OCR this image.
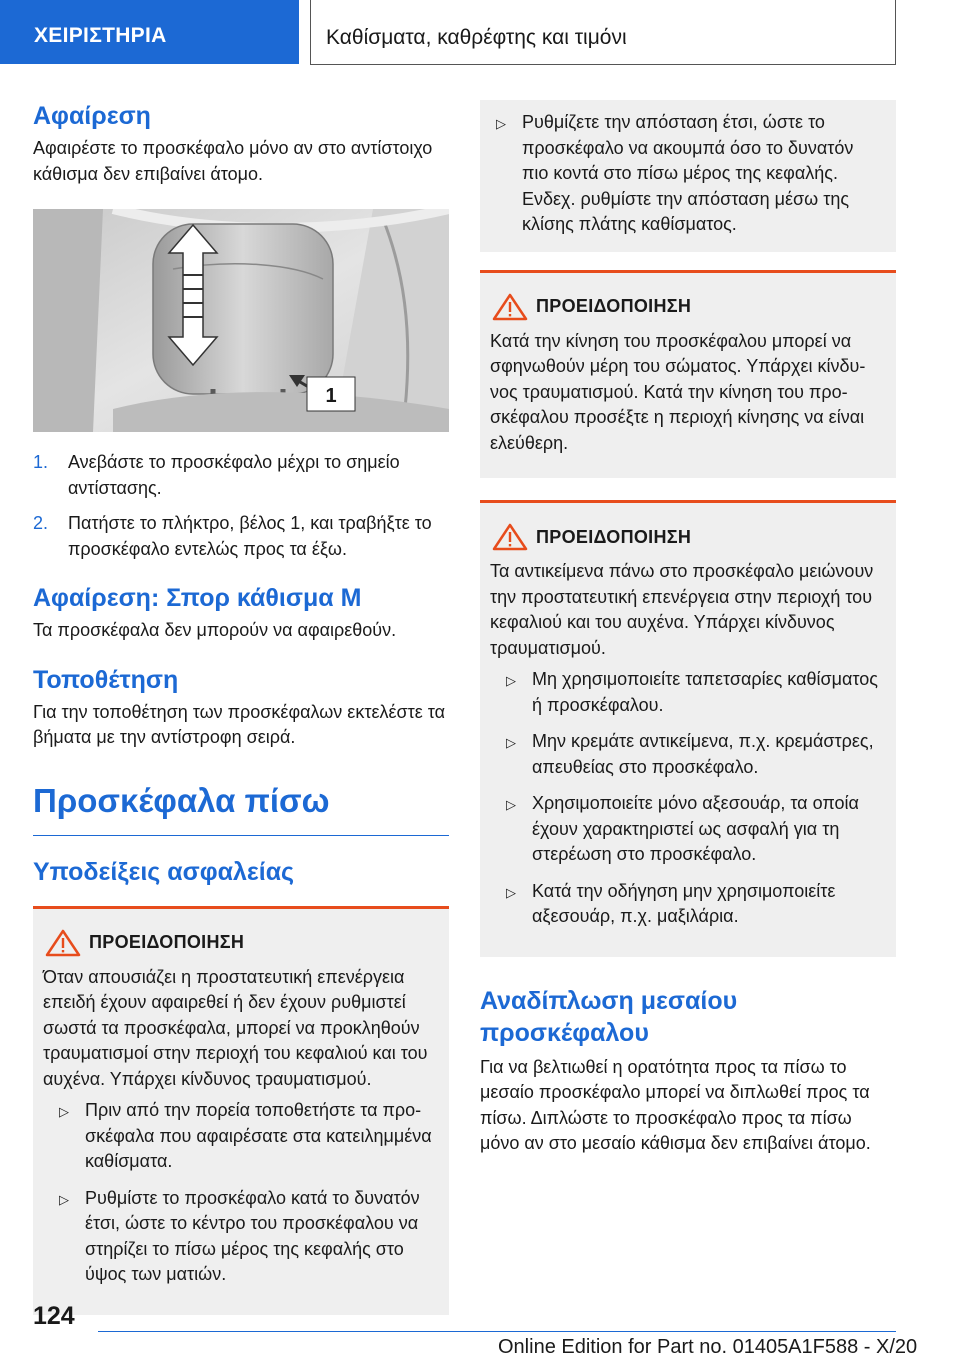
ΧΕΙΡΙΣΤΗΡΙΑ	Καθίσματα, καθρέφτης και τιμόνι
Αφαίρεση

Αφαιρέστε το προσκέφαλο μόνο αν στο αντίστοιχο κάθισμα δεν επιβαίνει άτομο.

1
1. Ανεβάστε το προσκέφαλο μέχρι το σημείο αντίστασης.
2. Πατήστε το πλήκτρο, βέλος 1, και τραβήξτε το προσκέφαλο εντελώς προς τα έξω.
Αφαίρεση: Σπορ κάθισμα M

Τα προσκέφαλα δεν μπορούν να αφαιρεθούν.

Τοποθέτηση

Για την τοποθέτηση των προσκέφαλων εκτελέστε τα βήματα με την αντίστροφη σειρά.

Προσκέφαλα πίσω
Υποδείξεις ασφαλείας
ΠΡΟΕΙΔΟΠΟΙΗΣΗ

Όταν απουσιάζει η προστατευτική επενέργεια επειδή έχουν αφαιρεθεί ή δεν έχουν ρυθμιστεί σωστά τα προσκέφαλα, μπορεί να προκληθούν τραυματισμοί στην περιοχή του κεφαλιού και του αυχένα. Υπάρχει κίνδυνος τραυματισμού.

▷ Πριν από την πορεία τοποθετήστε τα προσκέφαλα που αφαιρέσατε στα κατειλημμένα καθίσματα.
▷ Ρυθμίστε το προσκέφαλο κατά το δυνατόν έτσι, ώστε το κέντρο του προσκέφαλου να στηρίζει το πίσω μέρος της κεφαλής στο ύψος των ματιών.
▷ Ρυθμίζετε την απόσταση έτσι, ώστε το προσκέφαλο να ακουμπά όσο το δυνατόν πιο κοντά στο πίσω μέρος της κεφαλής. Ενδεχ. ρυθμίστε την απόσταση μέσω της κλίσης πλάτης καθίσματος.
ΠΡΟΕΙΔΟΠΟΙΗΣΗ

Κατά την κίνηση του προσκέφαλου μπορεί να σφηνωθούν μέρη του σώματος. Υπάρχει κίνδυνος τραυματισμού. Κατά την κίνηση του προσκέφαλου προσέξτε η περιοχή κίνησης να είναι ελεύθερη.

ΠΡΟΕΙΔΟΠΟΙΗΣΗ

Τα αντικείμενα πάνω στο προσκέφαλο μειώνουν την προστατευτική επενέργεια στην περιοχή του κεφαλιού και του αυχένα. Υπάρχει κίνδυνος τραυματισμού.

▷ Μη χρησιμοποιείτε ταπετσαρίες καθίσματος ή προσκέφαλου.
▷ Μην κρεμάτε αντικείμενα, π.χ. κρεμάστρες, απευθείας στο προσκέφαλο.
▷ Χρησιμοποιείτε μόνο αξεσουάρ, τα οποία έχουν χαρακτηριστεί ως ασφαλή για τη στερέωση στο προσκέφαλο.
▷ Κατά την οδήγηση μην χρησιμοποιείτε αξεσουάρ, π.χ. μαξιλάρια.
Αναδίπλωση μεσαίου προσκέφαλου

Για να βελτιωθεί η ορατότητα προς τα πίσω το μεσαίο προσκέφαλο μπορεί να διπλωθεί προς τα πίσω. Διπλώστε το προσκέφαλο προς τα πίσω μόνο αν στο μεσαίο κάθισμα δεν επιβαίνει άτομο.

124
Online Edition for Part no. 01405A1F588 - X/20
